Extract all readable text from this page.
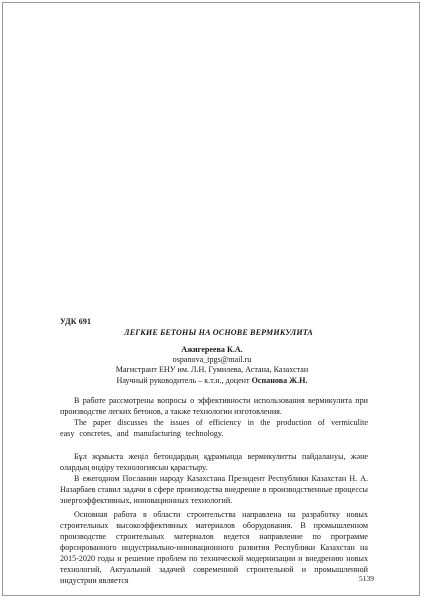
УДК 691
ЛЕГКИЕ БЕТОНЫ НА ОСНОВЕ ВЕРМИКУЛИТА
Ажигереева К.А.
ospanova_tpgs@mail.ru
Магистрант ЕНУ им. Л.Н. Гумилева, Астана, Казахстан
Научный руководитель – к.т.н., доцент Оспанова Ж.Н.
В работе рассмотрены вопросы о эффективности использования вермикулита при производстве легких бетонов, а также технологии изготовления.
The paper discusses the issues of efficiency in the production of vermiculite easy concretes, and manufacturing technology.
Бұл жұмыста жеңіл бетондардың құрамында вермикулитты пайдалануы, және олардың өндіру технологиясын қарастыру.
В ежегодном Послании народу Казахстана Президент Республики Казахстан Н. А. Назарбаев ставил задачи в сфере производства внедрение в производственные процессы энергоэффективных, инновационных технологий.
Основная работа в области строительства направлена на разработку новых строительных высокоэффективных материалов оборудования. В промышленном производстве строительных материалов ведется направление по программе форсированного индустриально-инновационного развития Республики Казахстан на 2015-2020 годы и решение проблем по технической модернизации и внедрению новых технологий, Актуальной задачей современной строительной и промышленной индустрии является	5139
